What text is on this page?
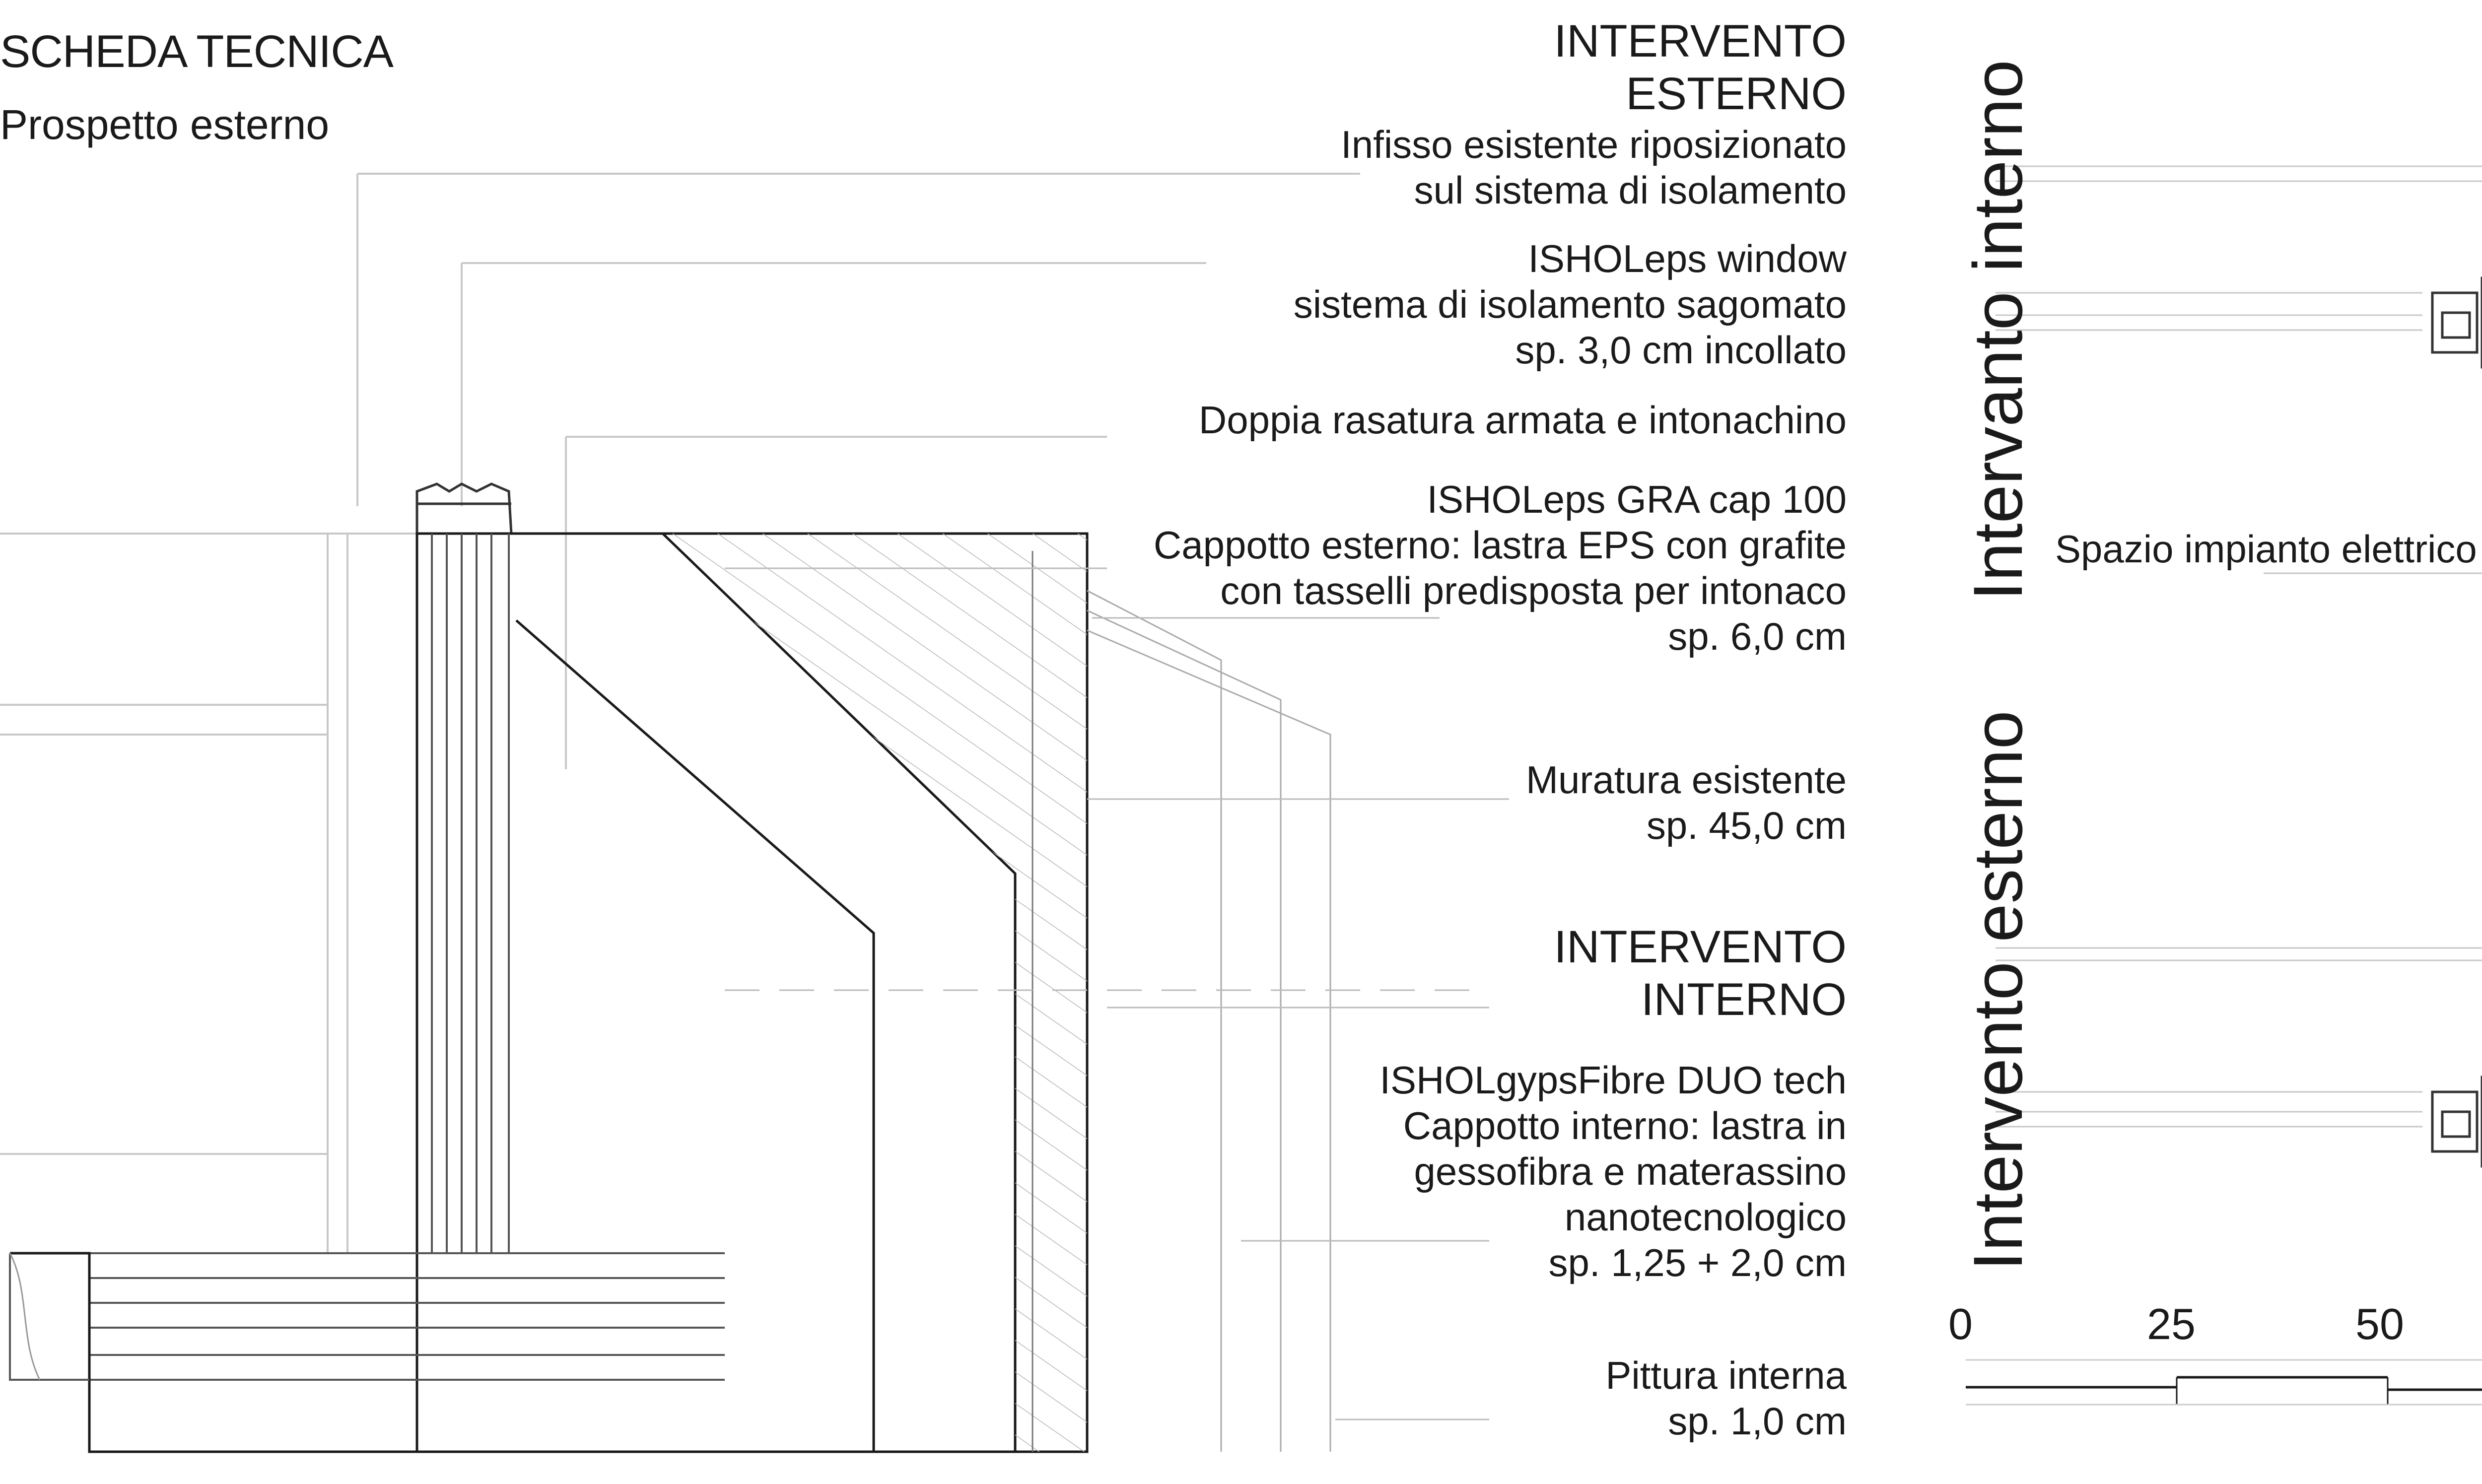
SCHEDA TECNICA
Prospetto esterno
INTERVENTO
ESTERNO
Infisso esistente riposizionato
sul sistema di isolamento
ISHOLeps window
sistema di isolamento sagomato
sp. 3,0 cm incollato
Doppia rasatura armata e intonachino
ISHOLeps GRA cap 100
Cappotto esterno: lastra EPS con grafite
con tasselli predisposta per intonaco
sp. 6,0 cm
Muratura esistente
sp. 45,0 cm
INTERVENTO
INTERNO
ISHOLgypsFibre DUO tech
Cappotto interno: lastra in
gessofibra e materassino
nanotecnologico
sp. 1,25 + 2,0 cm
Pittura interna
sp. 1,0 cm
Intervanto interno Spazio impianto elettrico
Intervento esterno
0	25	50
